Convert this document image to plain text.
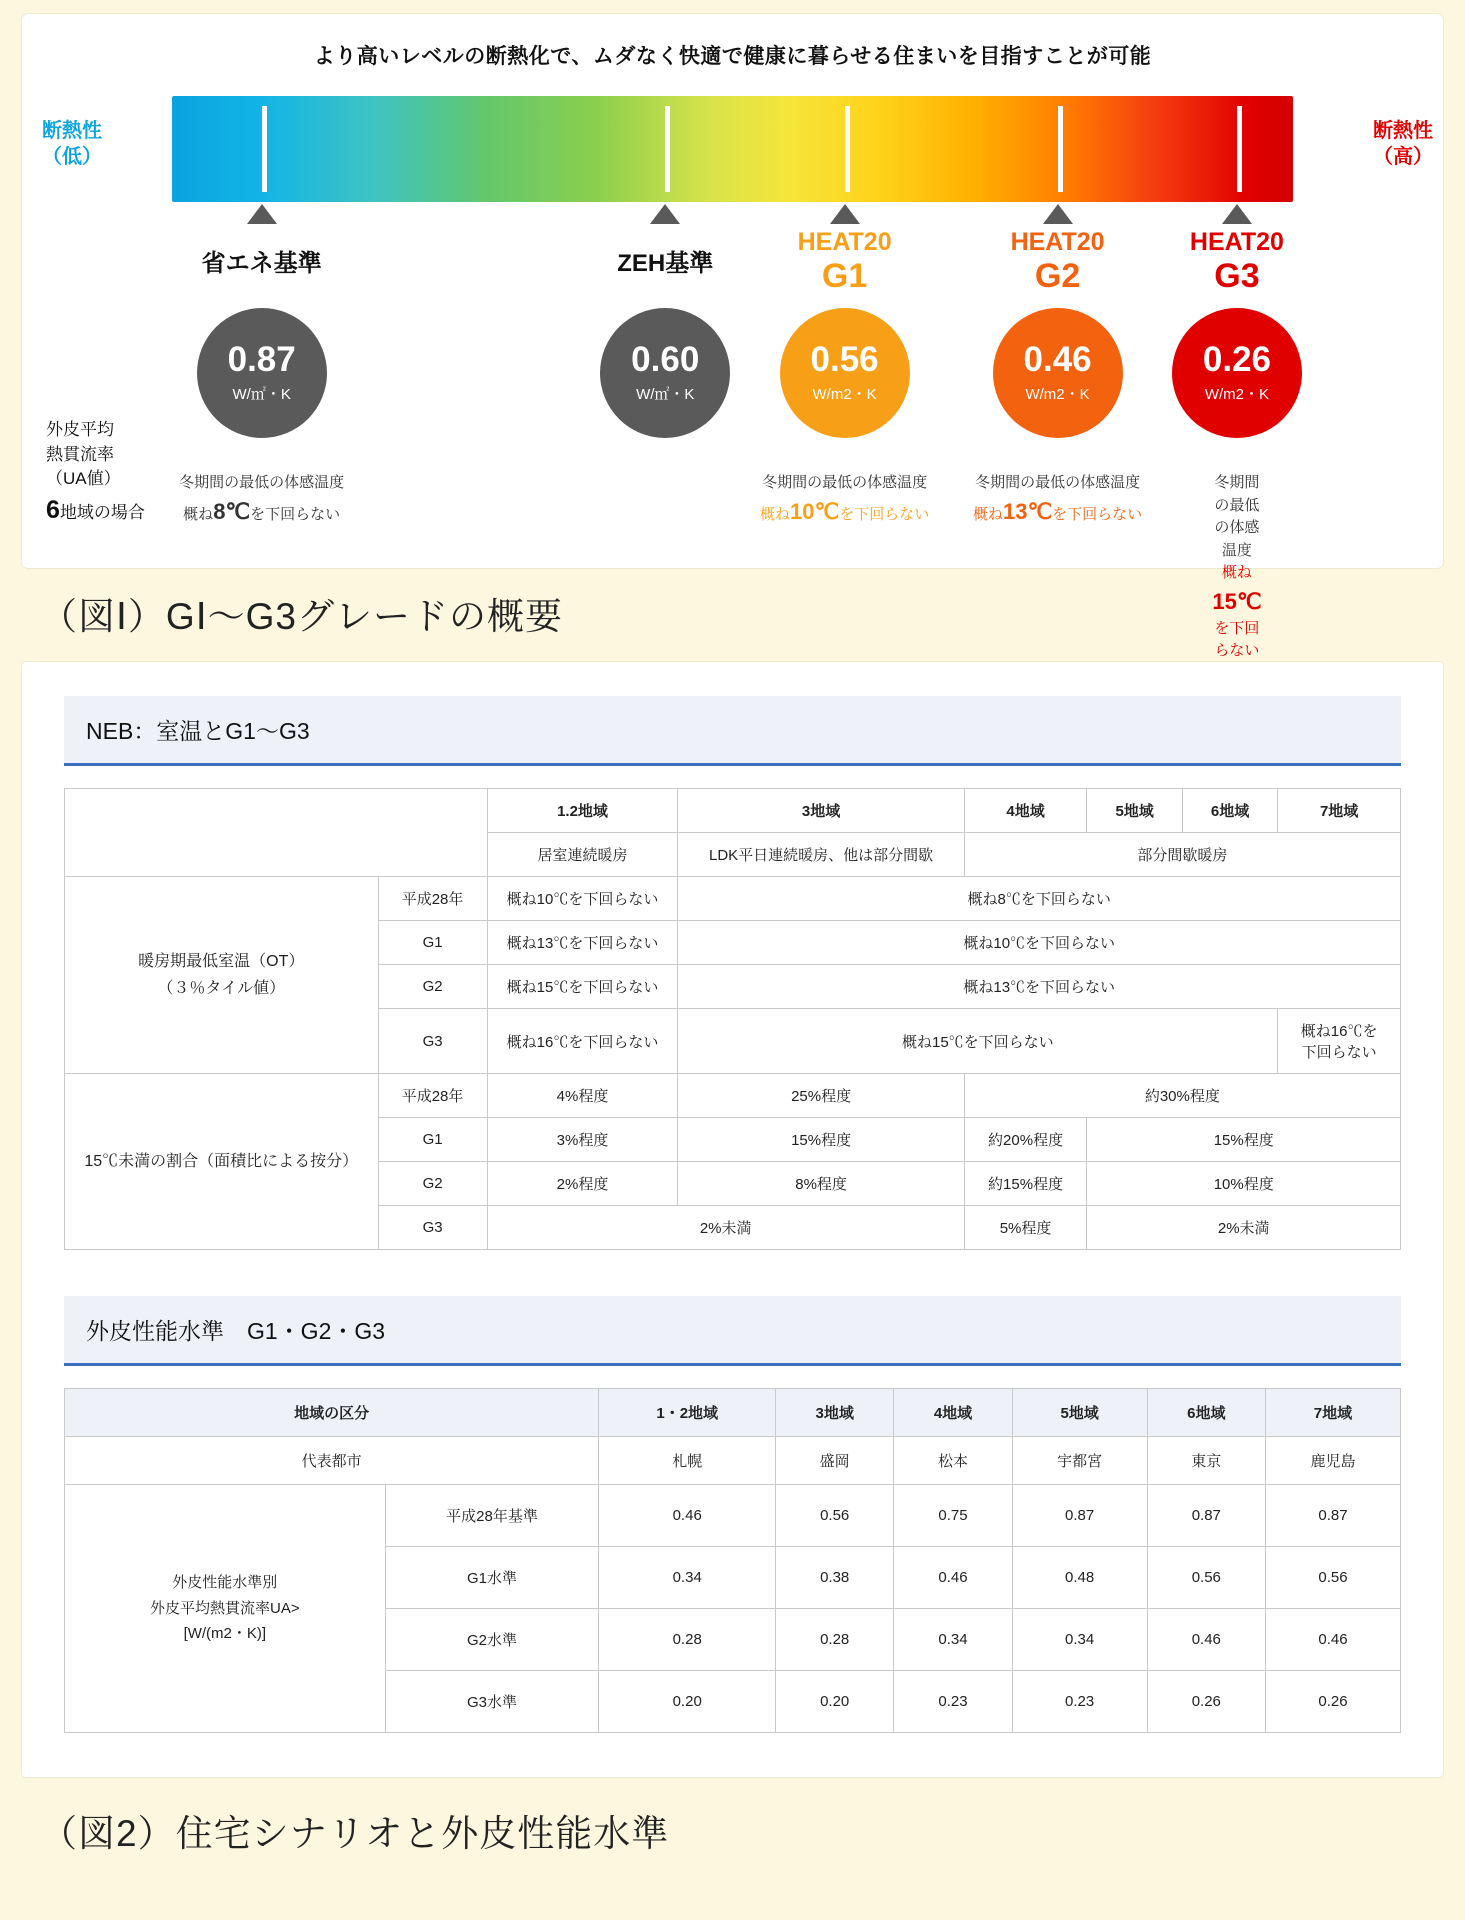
より高いレベルの断熱化で、ムダなく快適で健康に暮らせる住まいを目指すことが可能
断熱性
（低）
断熱性
（高）
省エネ基準	ZEH基準
HEAT20
G1
HEAT20
G2
HEAT20
G3
外皮平均
熱貫流率
（UA値）
6地域の場合
0.87
W/㎡・K
0.60
W/㎡・K
0.56
W/m2・K
0.46
W/m2・K
0.26
W/m2・K
冬期間の最低の体感温度
概ね8℃を下回らない
冬期間の最低の体感温度
概ね10℃を下回らない
冬期間の最低の体感温度
概ね13℃を下回らない
冬期間の最低の体感温度
概ね15℃を下回らない
（図Ⅰ）GⅠ〜G3グレードの概要
NEB：室温とG1〜G3
		1.2地域	3地域	4地域	5地域	6地域	7地域
		居室連続暖房	LDK平日連続暖房、他は部分間歇	部分間歇暖房			

暖房期最低室温（OT）
（３％タイル値）	平成28年	概ね10℃を下回らない	概ね8℃を下回らない				
	G1	概ね13℃を下回らない	概ね10℃を下回らない				
	G2	概ね15℃を下回らない	概ね13℃を下回らない				
	G3	概ね16℃を下回らない	概ね15℃を下回らない				概ね16℃を
下回らない

15℃未満の割合（面積比による按分）	平成28年	4%程度	25%程度	約30%程度			
	G1	3%程度	15%程度	約20%程度	15%程度		
	G2	2%程度	8%程度	約15%程度	10%程度		
	G3	2%未満		5%程度	2%未満		
外皮性能水準　G1・G2・G3
地域の区分		1・2地域	3地域	4地域	5地域	6地域	7地域
代表都市		札幌	盛岡	松本	宇都宮	東京	鹿児島

外皮性能水準別
外皮平均熱貫流率UA>
[W/(m2・K)]	平成28年基準	0.46	0.56	0.75	0.87	0.87	0.87
	G1水準	0.34	0.38	0.46	0.48	0.56	0.56
	G2水準	0.28	0.28	0.34	0.34	0.46	0.46
	G3水準	0.20	0.20	0.23	0.23	0.26	0.26
（図2）住宅シナリオと外皮性能水準
